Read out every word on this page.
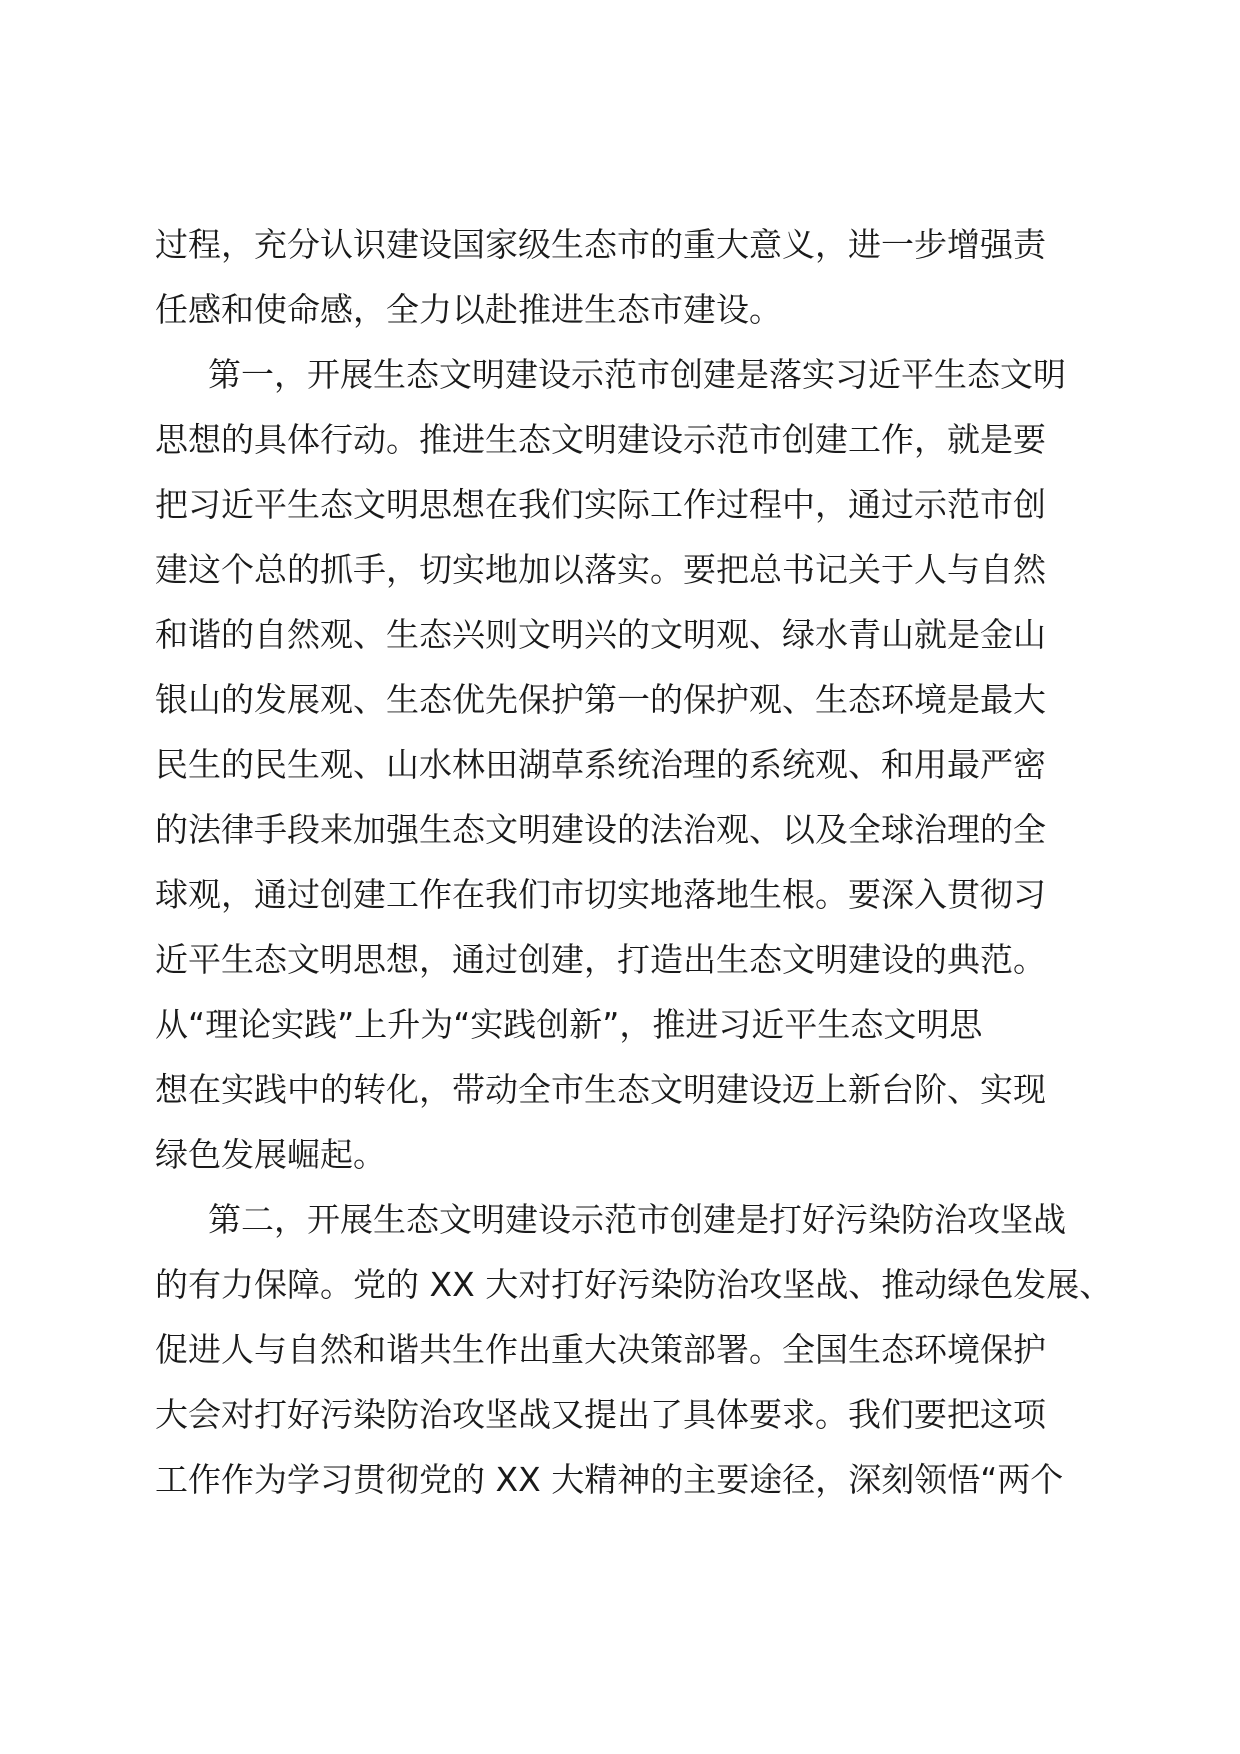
过程，充分认识建设国家级生态市的重大意义，进一步增强责
任感和使命感，全力以赴推进生态市建设。
第一，开展生态文明建设示范市创建是落实习近平生态文明
思想的具体行动。推进生态文明建设示范市创建工作，就是要
把习近平生态文明思想在我们实际工作过程中，通过示范市创
建这个总的抓手，切实地加以落实。要把总书记关于人与自然
和谐的自然观、生态兴则文明兴的文明观、绿水青山就是金山
银山的发展观、生态优先保护第一的保护观、生态环境是最大
民生的民生观、山水林田湖草系统治理的系统观、和用最严密
的法律手段来加强生态文明建设的法治观、以及全球治理的全
球观，通过创建工作在我们市切实地落地生根。要深入贯彻习
近平生态文明思想，通过创建，打造出生态文明建设的典范。
从“理论实践”上升为“实践创新”，推进习近平生态文明思
想在实践中的转化，带动全市生态文明建设迈上新台阶、实现
绿色发展崛起。
第二，开展生态文明建设示范市创建是打好污染防治攻坚战
的有力保障。党的 XX 大对打好污染防治攻坚战、推动绿色发展、
促进人与自然和谐共生作出重大决策部署。全国生态环境保护
大会对打好污染防治攻坚战又提出了具体要求。我们要把这项
工作作为学习贯彻党的 XX 大精神的主要途径，深刻领悟“两个
